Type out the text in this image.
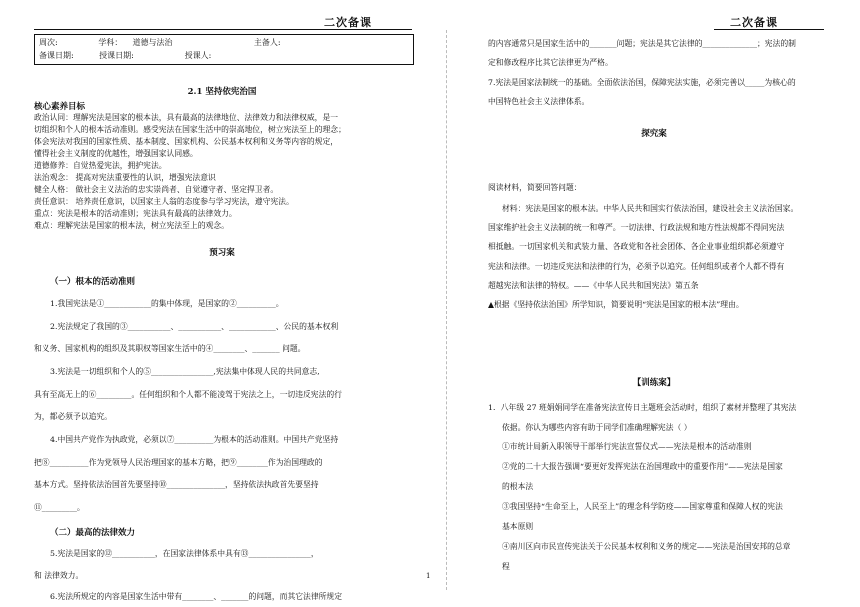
二次备课
周次:                学科：    道德与法治                                主备人:
备课日期:          授课日期:                    授课人:
2.1 坚持依宪治国
核心素养目标
政治认同：理解宪法是国家的根本法，具有最高的法律地位、法律效力和法律权威，是一
切组织和个人的根本活动准则。感受宪法在国家生活中的崇高地位，树立宪法至上的理念；
体会宪法对我国的国家性质、基本制度、国家机构、公民基本权利和义务等内容的规定，
懂得社会主义制度的优越性，增强国家认同感。
道德修养：自觉热爱宪法，拥护宪法。
法治观念： 提高对宪法重要性的认识，增强宪法意识
健全人格： 做社会主义法治的忠实崇尚者、自觉遵守者、坚定捍卫者。
责任意识： 培养责任意识，以国家主人翁的态度参与学习宪法，遵守宪法。
重点：宪法是根本的活动准则；宪法具有最高的法律效力。
难点：理解宪法是国家的根本法，树立宪法至上的观念。
预习案
（一）根本的活动准则
1.我国宪法是①____________的集中体现，是国家的②__________。
2.宪法规定了我国的③___________、___________、____________、公民的基本权利
和义务、国家机构的组织及其职权等国家生活中的④________、_______ 问题。
3.宪法是一切组织和个人的⑤________________,宪法集中体现人民的共同意志,
具有至高无上的⑥_________。任何组织和个人都不能凌驾于宪法之上，一切违反宪法的行
为，都必须予以追究。
4.中国共产党作为执政党，必须以⑦__________为根本的活动准则。中国共产党坚持
把⑧__________作为党领导人民治理国家的基本方略，把⑨________作为治国理政的
基本方式。坚持依法治国首先要坚持⑩_______________，坚持依法执政首先要坚持
⑪_________。
（二）最高的法律效力
5.宪法是国家的⑫___________，在国家法律体系中具有⑬________________，
和 法律效力。
6.宪法所规定的内容是国家生活中带有________、_______的问题，而其它法律所规定
1
二次备课
的内容通常只是国家生活中的_______问题；宪法是其它法律的______________；宪法的制
定和修改程序比其它法律更为严格。
7.宪法是国家法制统一的基础。全面依法治国，保障宪法实施，必须完善以_____为核心的
中国特色社会主义法律体系。
探究案
阅读材料，简要回答问题：
材料：宪法是国家的根本法。中华人民共和国实行依法治国，建设社会主义法治国家。
国家维护社会主义法制的统一和尊严。一切法律、行政法规和地方性法规都不得同宪法
相抵触。一切国家机关和武装力量、各政党和各社会团体、各企业事业组织都必须遵守
宪法和法律。一切违反宪法和法律的行为，必须予以追究。任何组织或者个人都不得有
超越宪法和法律的特权。——《中华人民共和国宪法》第五条
▲根据《坚持依法治国》所学知识，简要说明“宪法是国家的根本法”理由。
【训练案】
1．八年级 27 班娟娟同学在准备宪法宣传日主题班会活动时，组织了素材并整理了其宪法
依据。你认为哪些内容有助于同学们准确理解宪法（ ）
①市统计局新入职领导干部举行宪法宣誓仪式——宪法是根本的活动准则
②党的二十大报告强调“要更好发挥宪法在治国理政中的重要作用”——宪法是国家
的根本法
③我国坚持“生命至上，人民至上”的理念科学防疫——国家尊重和保障人权的宪法
基本原则
④南川区向市民宣传宪法关于公民基本权利和义务的规定——宪法是治国安邦的总章
程
